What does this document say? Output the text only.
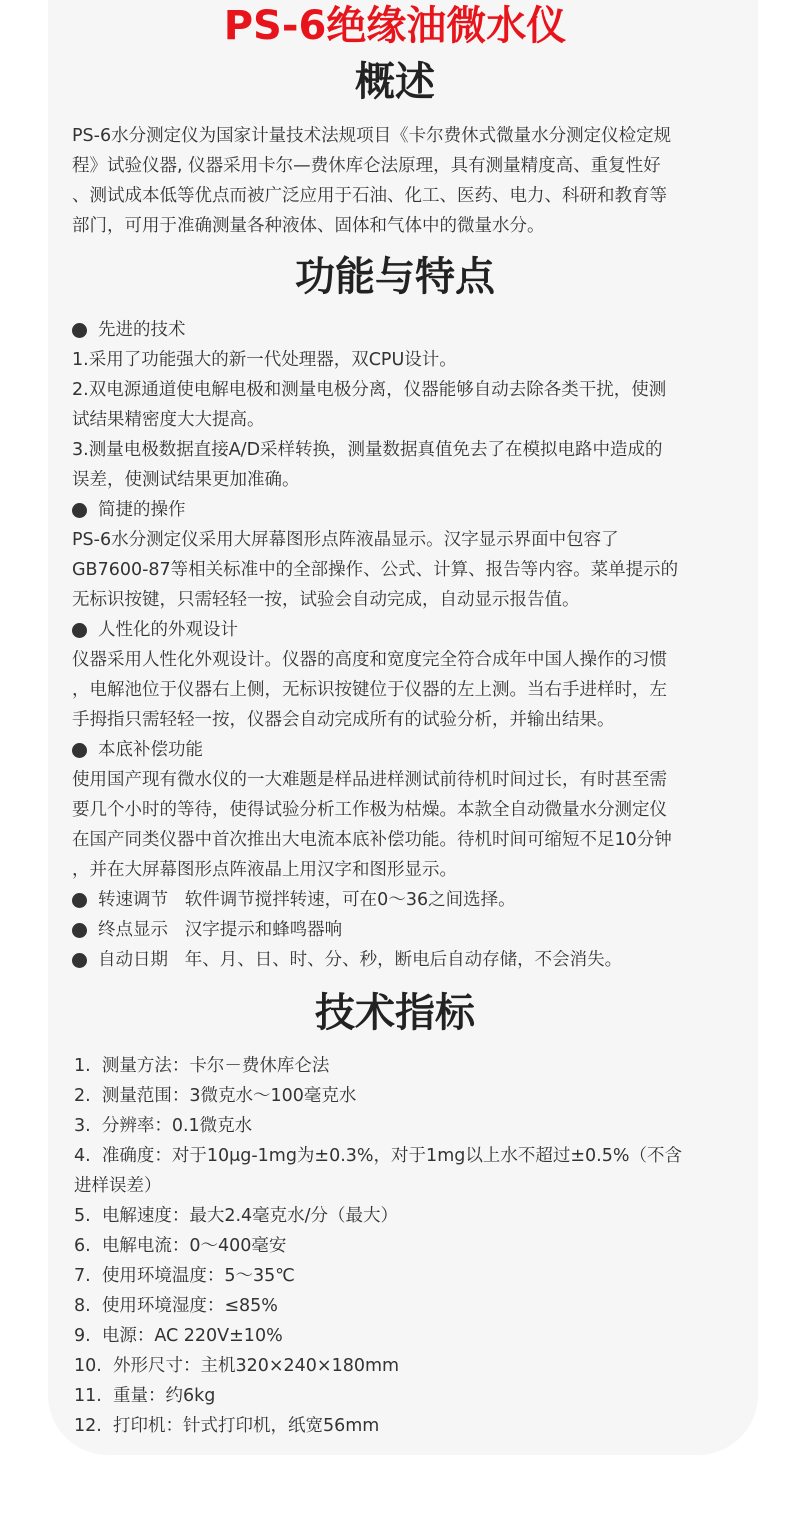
PS-6绝缘油微水仪
概述

PS-6水分测定仪为国家计量技术法规项目《卡尔费休式微量水分测定仪检定规

程》试验仪器, 仪器采用卡尔—费休库仑法原理，具有测量精度高、重复性好

、测试成本低等优点而被广泛应用于石油、化工、医药、电力、科研和教育等

部门，可用于准确测量各种液体、固体和气体中的微量水分。

功能与特点

先进的技术

1.采用了功能强大的新一代处理器，双CPU设计。

2.双电源通道使电解电极和测量电极分离，仪器能够自动去除各类干扰，使测

试结果精密度大大提高。

3.测量电极数据直接A/D采样转换，测量数据真值免去了在模拟电路中造成的

误差，使测试结果更加准确。

简捷的操作

PS-6水分测定仪采用大屏幕图形点阵液晶显示。汉字显示界面中包容了

GB7600-87等相关标准中的全部操作、公式、计算、报告等内容。菜单提示的

无标识按键，只需轻轻一按，试验会自动完成，自动显示报告值。

人性化的外观设计

仪器采用人性化外观设计。仪器的高度和宽度完全符合成年中国人操作的习惯

，电解池位于仪器右上侧，无标识按键位于仪器的左上测。当右手进样时，左

手拇指只需轻轻一按，仪器会自动完成所有的试验分析，并输出结果。

本底补偿功能

使用国产现有微水仪的一大难题是样品进样测试前待机时间过长，有时甚至需

要几个小时的等待，使得试验分析工作极为枯燥。本款全自动微量水分测定仪

在国产同类仪器中首次推出大电流本底补偿功能。待机时间可缩短不足10分钟

，并在大屏幕图形点阵液晶上用汉字和图形显示。

转速调节   软件调节搅拌转速，可在0～36之间选择。

终点显示   汉字提示和蜂鸣器响

自动日期   年、月、日、时、分、秒，断电后自动存储，不会消失。

技术指标

1.  测量方法：卡尔－费休库仑法

2.  测量范围：3微克水～100毫克水

3.  分辨率：0.1微克水

4.  准确度：对于10μg-1mg为±0.3%，对于1mg以上水不超过±0.5%（不含

进样误差）

5.  电解速度：最大2.4毫克水/分（最大）

6.  电解电流：0～400毫安

7.  使用环境温度：5～35℃

8.  使用环境湿度：≤85%

9.  电源：AC 220V±10%

10.  外形尺寸：主机320×240×180mm

11.  重量：约6kg

12.  打印机：针式打印机，纸宽56mm
